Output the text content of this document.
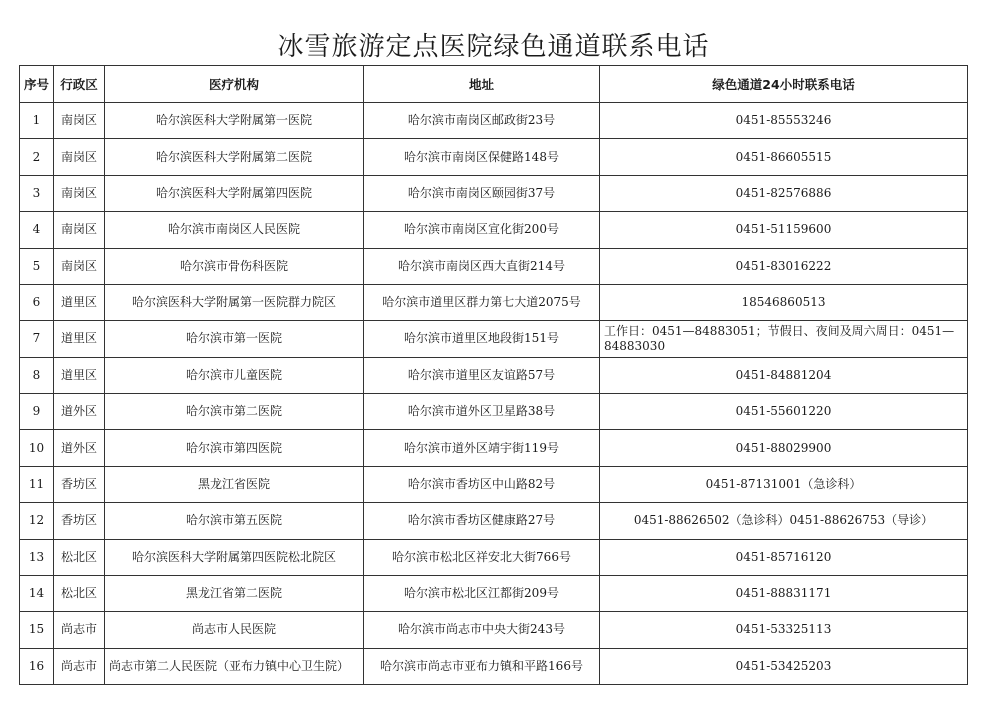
冰雪旅游定点医院绿色通道联系电话
序号	行政区	医疗机构	地址	绿色通道24小时联系电话
1	南岗区	哈尔滨医科大学附属第一医院	哈尔滨市南岗区邮政街23号	0451-85553246
2	南岗区	哈尔滨医科大学附属第二医院	哈尔滨市南岗区保健路148号	0451-86605515
3	南岗区	哈尔滨医科大学附属第四医院	哈尔滨市南岗区颐园街37号	0451-82576886
4	南岗区	哈尔滨市南岗区人民医院	哈尔滨市南岗区宣化街200号	0451-51159600
5	南岗区	哈尔滨市骨伤科医院	哈尔滨市南岗区西大直街214号	0451-83016222
6	道里区	哈尔滨医科大学附属第一医院群力院区	哈尔滨市道里区群力第七大道2075号	18546860513
7	道里区	哈尔滨市第一医院	哈尔滨市道里区地段街151号	工作日：0451—84883051；节假日、夜间及周六周日：0451—84883030
8	道里区	哈尔滨市儿童医院	哈尔滨市道里区友谊路57号	0451-84881204
9	道外区	哈尔滨市第二医院	哈尔滨市道外区卫星路38号	0451-55601220
10	道外区	哈尔滨市第四医院	哈尔滨市道外区靖宇街119号	0451-88029900
11	香坊区	黑龙江省医院	哈尔滨市香坊区中山路82号	0451-87131001（急诊科）
12	香坊区	哈尔滨市第五医院	哈尔滨市香坊区健康路27号	0451-88626502（急诊科）0451-88626753（导诊）
13	松北区	哈尔滨医科大学附属第四医院松北院区	哈尔滨市松北区祥安北大街766号	0451-85716120
14	松北区	黑龙江省第二医院	哈尔滨市松北区江都街209号	0451-88831171
15	尚志市	尚志市人民医院	哈尔滨市尚志市中央大街243号	0451-53325113
16	尚志市	尚志市第二人民医院（亚布力镇中心卫生院）	哈尔滨市尚志市亚布力镇和平路166号	0451-53425203
